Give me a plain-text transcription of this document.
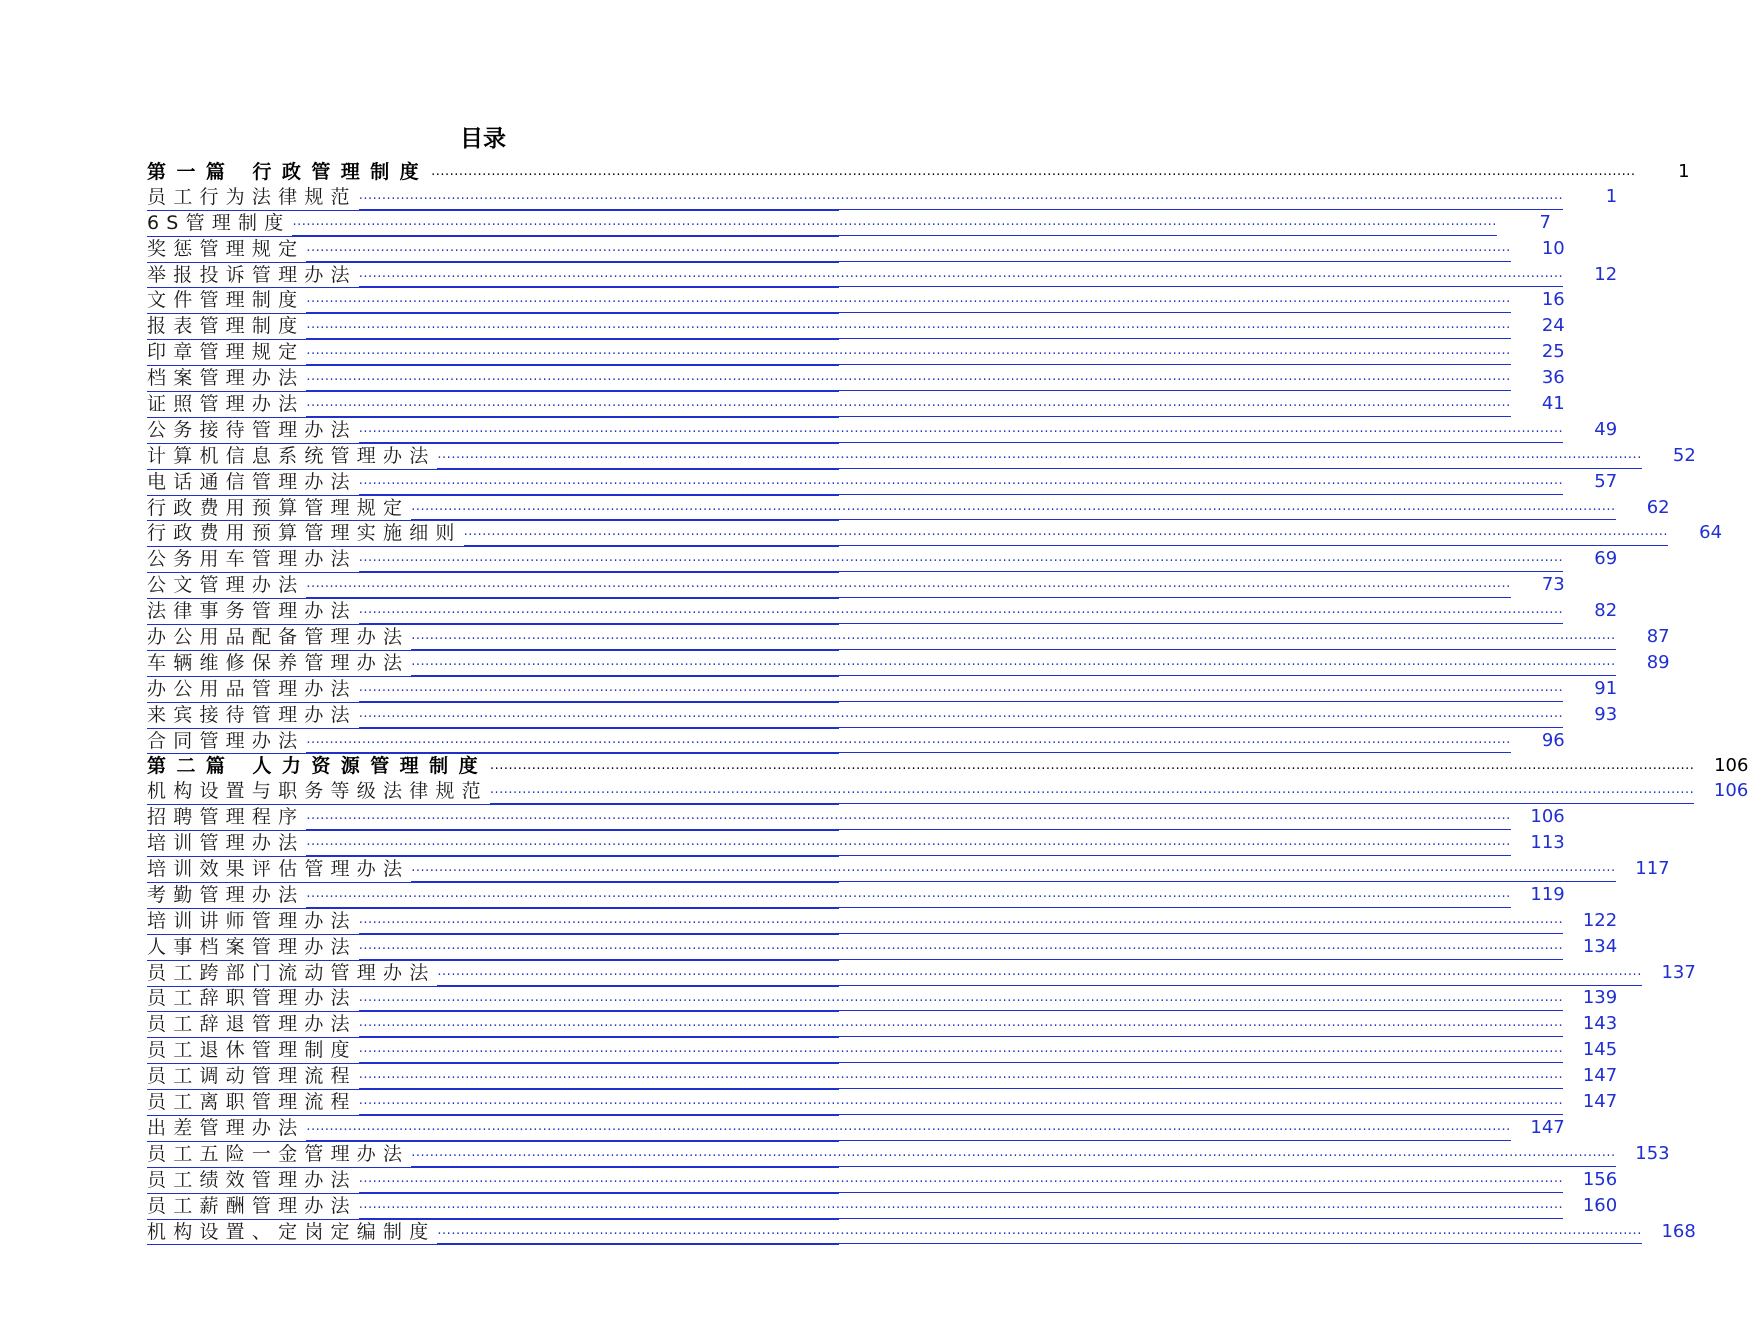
目录
第一篇 行政管理制度 ....................................................................................................................................................................................................................................................................	1
员工行为法律规范 ....................................................................................................................................................................................................................................................................	1
6S管理制度 ....................................................................................................................................................................................................................................................................	7
奖惩管理规定 ....................................................................................................................................................................................................................................................................	10
举报投诉管理办法 ....................................................................................................................................................................................................................................................................	12
文件管理制度 ....................................................................................................................................................................................................................................................................	16
报表管理制度 ....................................................................................................................................................................................................................................................................	24
印章管理规定 ....................................................................................................................................................................................................................................................................	25
档案管理办法 ....................................................................................................................................................................................................................................................................	36
证照管理办法 ....................................................................................................................................................................................................................................................................	41
公务接待管理办法 ....................................................................................................................................................................................................................................................................	49
计算机信息系统管理办法 ....................................................................................................................................................................................................................................................................	52
电话通信管理办法 ....................................................................................................................................................................................................................................................................	57
行政费用预算管理规定 ....................................................................................................................................................................................................................................................................	62
行政费用预算管理实施细则 ....................................................................................................................................................................................................................................................................	64
公务用车管理办法 ....................................................................................................................................................................................................................................................................	69
公文管理办法 ....................................................................................................................................................................................................................................................................	73
法律事务管理办法 ....................................................................................................................................................................................................................................................................	82
办公用品配备管理办法 ....................................................................................................................................................................................................................................................................	87
车辆维修保养管理办法 ....................................................................................................................................................................................................................................................................	89
办公用品管理办法 ....................................................................................................................................................................................................................................................................	91
来宾接待管理办法 ....................................................................................................................................................................................................................................................................	93
合同管理办法 ....................................................................................................................................................................................................................................................................	96
第二篇 人力资源管理制度 ....................................................................................................................................................................................................................................................................	106
机构设置与职务等级法律规范 ....................................................................................................................................................................................................................................................................	106
招聘管理程序 ....................................................................................................................................................................................................................................................................	106
培训管理办法 ....................................................................................................................................................................................................................................................................	113
培训效果评估管理办法 ....................................................................................................................................................................................................................................................................	117
考勤管理办法 ....................................................................................................................................................................................................................................................................	119
培训讲师管理办法 ....................................................................................................................................................................................................................................................................	122
人事档案管理办法 ....................................................................................................................................................................................................................................................................	134
员工跨部门流动管理办法 ....................................................................................................................................................................................................................................................................	137
员工辞职管理办法 ....................................................................................................................................................................................................................................................................	139
员工辞退管理办法 ....................................................................................................................................................................................................................................................................	143
员工退休管理制度 ....................................................................................................................................................................................................................................................................	145
员工调动管理流程 ....................................................................................................................................................................................................................................................................	147
员工离职管理流程 ....................................................................................................................................................................................................................................................................	147
出差管理办法 ....................................................................................................................................................................................................................................................................	147
员工五险一金管理办法 ....................................................................................................................................................................................................................................................................	153
员工绩效管理办法 ....................................................................................................................................................................................................................................................................	156
员工薪酬管理办法 ....................................................................................................................................................................................................................................................................	160
机构设置、定岗定编制度 ....................................................................................................................................................................................................................................................................	168
